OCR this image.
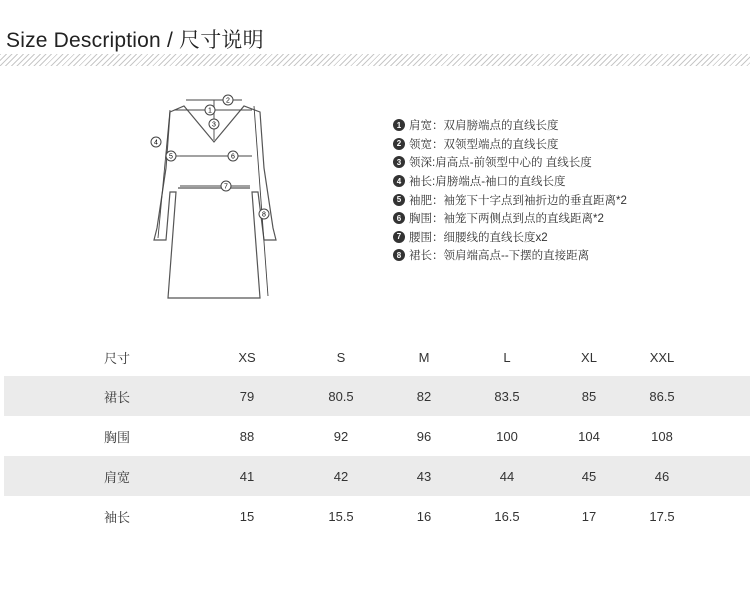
Size Description / 尺寸说明
1
2
3
4
5	6
7
8
1 肩宽：双肩膀端点的直线长度
2 领宽：双领型端点的直线长度
3 领深:肩高点-前领型中心的 直线长度
4 袖长:肩膀端点-袖口的直线长度
5 袖肥：袖笼下十字点到袖折边的垂直距离*2
6 胸围：袖笼下两侧点到点的直线距离*2
7 腰围：细腰线的直线长度x2
8 裙长：领肩端高点--下摆的直接距离
尺寸	XS	S	M	L	XL	XXL
裙长	79	80.5	82	83.5	85	86.5
胸围	88	92	96	100	104	108
肩宽	41	42	43	44	45	46
袖长	15	15.5	16	16.5	17	17.5
